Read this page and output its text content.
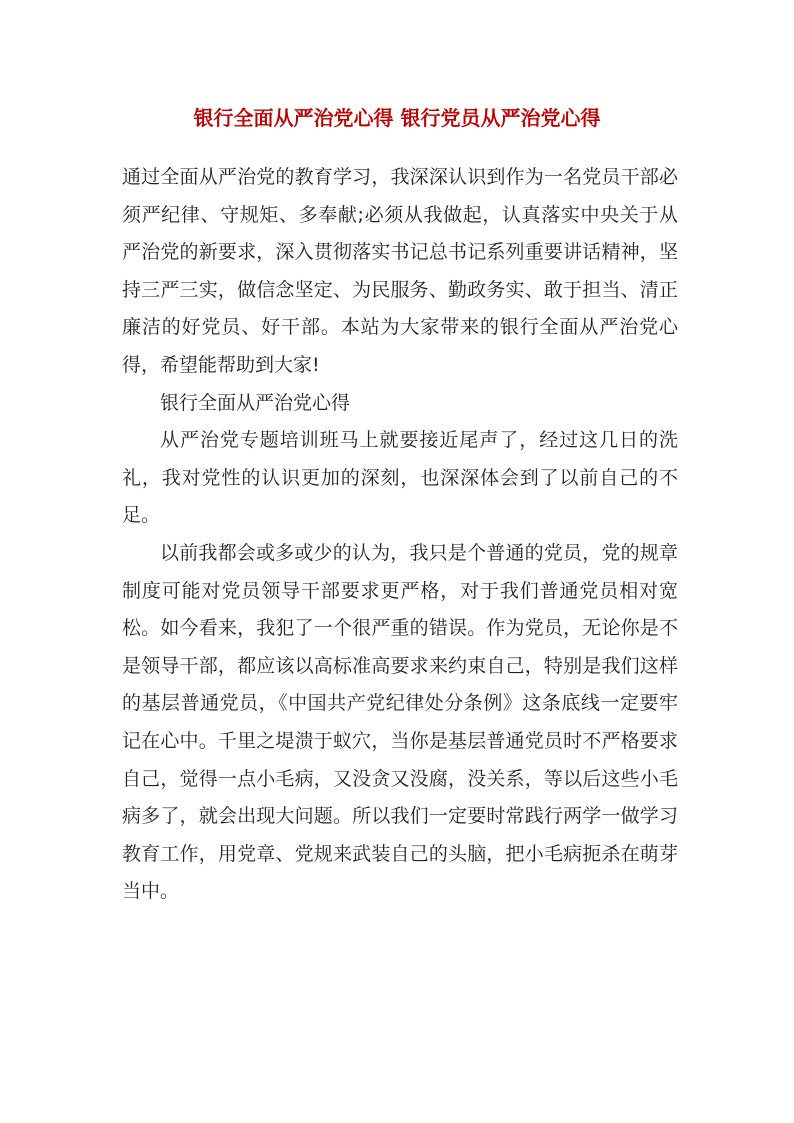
银行全面从严治党心得 银行党员从严治党心得

通过全面从严治党的教育学习，我深深认识到作为一名党员干部必须严纪律、守规矩、多奉献;必须从我做起，认真落实中央关于从严治党的新要求，深入贯彻落实书记总书记系列重要讲话精神，坚持三严三实，做信念坚定、为民服务、勤政务实、敢于担当、清正廉洁的好党员、好干部。本站为大家带来的银行全面从严治党心得，希望能帮助到大家!

银行全面从严治党心得

从严治党专题培训班马上就要接近尾声了，经过这几日的洗礼，我对党性的认识更加的深刻，也深深体会到了以前自己的不足。

以前我都会或多或少的认为，我只是个普通的党员，党的规章制度可能对党员领导干部要求更严格，对于我们普通党员相对宽松。如今看来，我犯了一个很严重的错误。作为党员，无论你是不是领导干部，都应该以高标准高要求来约束自己，特别是我们这样的基层普通党员，《中国共产党纪律处分条例》这条底线一定要牢记在心中。千里之堤溃于蚁穴，当你是基层普通党员时不严格要求自己，觉得一点小毛病，又没贪又没腐，没关系，等以后这些小毛病多了，就会出现大问题。所以我们一定要时常践行两学一做学习教育工作，用党章、党规来武装自己的头脑，把小毛病扼杀在萌芽当中。
